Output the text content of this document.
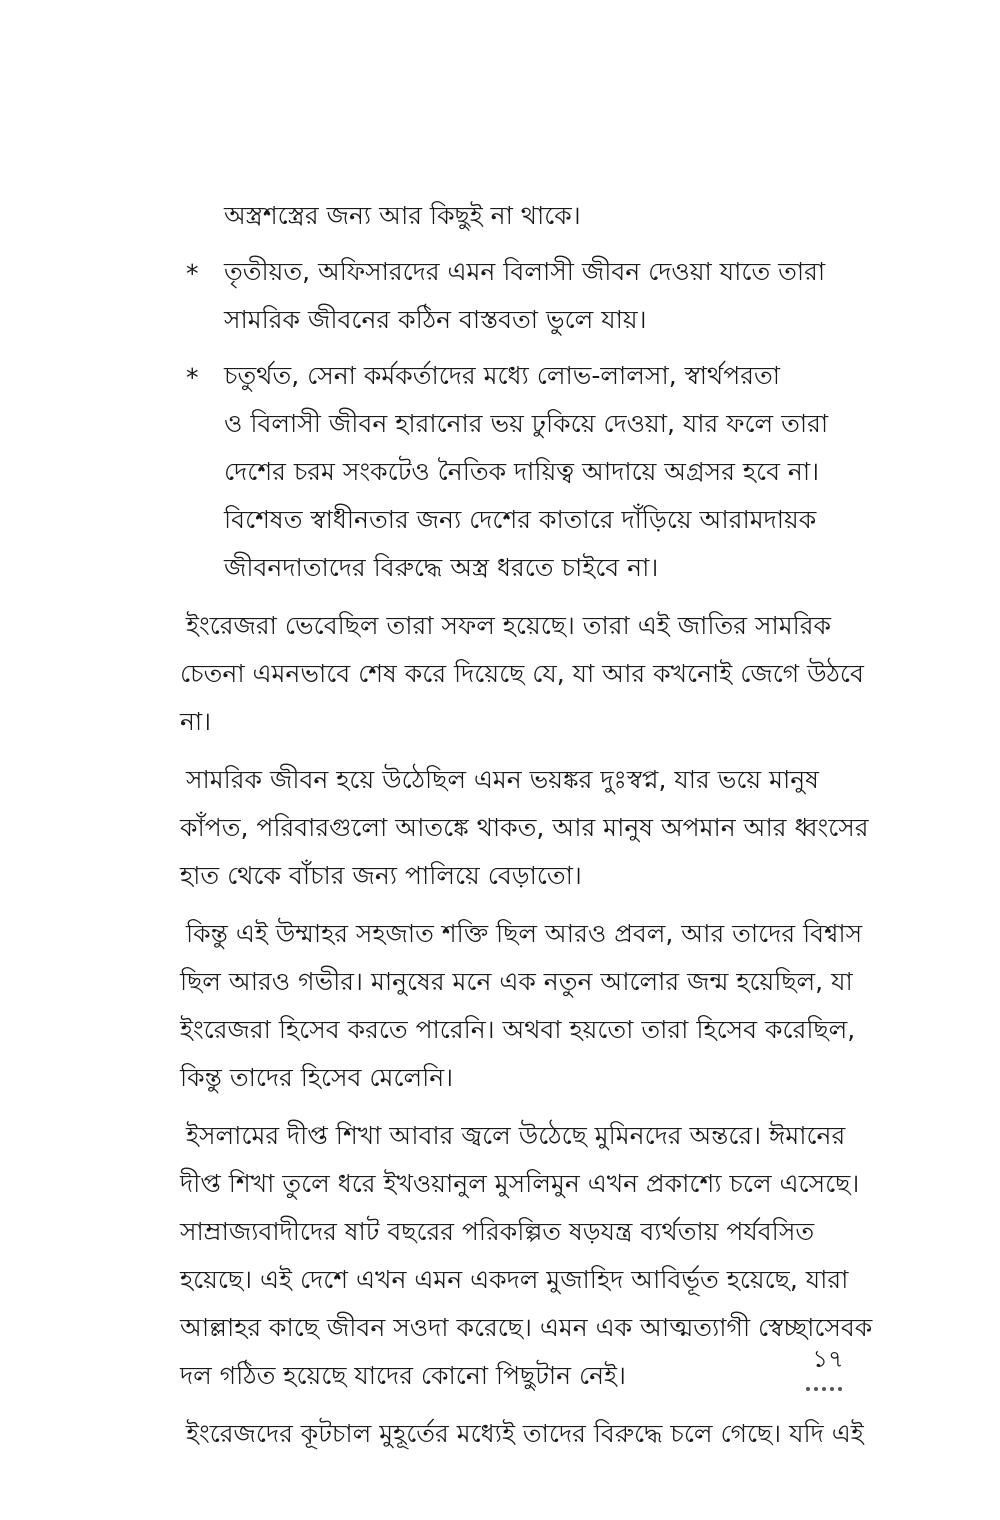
অস্ত্রশস্ত্রের জন্য আর কিছুই না থাকে।
* তৃতীয়ত, অফিসারদের এমন বিলাসী জীবন দেওয়া যাতে তারা
সামরিক জীবনের কঠিন বাস্তবতা ভুলে যায়।
* চতুর্থত, সেনা কর্মকর্তাদের মধ্যে লোভ-লালসা, স্বার্থপরতা
ও বিলাসী জীবন হারানোর ভয় ঢুকিয়ে দেওয়া, যার ফলে তারা
দেশের চরম সংকটেও নৈতিক দায়িত্ব আদায়ে অগ্রসর হবে না।
বিশেষত স্বাধীনতার জন্য দেশের কাতারে দাঁড়িয়ে আরামদায়ক
জীবনদাতাদের বিরুদ্ধে অস্ত্র ধরতে চাইবে না।
ইংরেজরা ভেবেছিল তারা সফল হয়েছে। তারা এই জাতির সামরিক
চেতনা এমনভাবে শেষ করে দিয়েছে যে, যা আর কখনোই জেগে উঠবে
না।
সামরিক জীবন হয়ে উঠেছিল এমন ভয়ঙ্কর দুঃস্বপ্ন, যার ভয়ে মানুষ
কাঁপত, পরিবারগুলো আতঙ্কে থাকত, আর মানুষ অপমান আর ধ্বংসের
হাত থেকে বাঁচার জন্য পালিয়ে বেড়াতো।
কিন্তু এই উম্মাহর সহজাত শক্তি ছিল আরও প্রবল, আর তাদের বিশ্বাস
ছিল আরও গভীর। মানুষের মনে এক নতুন আলোর জন্ম হয়েছিল, যা
ইংরেজরা হিসেব করতে পারেনি। অথবা হয়তো তারা হিসেব করেছিল,
কিন্তু তাদের হিসেব মেলেনি।
ইসলামের দীপ্ত শিখা আবার জ্বলে উঠেছে মুমিনদের অন্তরে। ঈমানের
দীপ্ত শিখা তুলে ধরে ইখওয়ানুল মুসলিমুন এখন প্রকাশ্যে চলে এসেছে।
সাম্রাজ্যবাদীদের ষাট বছরের পরিকল্পিত ষড়যন্ত্র ব্যর্থতায় পর্যবসিত
হয়েছে। এই দেশে এখন এমন একদল মুজাহিদ আবির্ভূত হয়েছে, যারা
আল্লাহর কাছে জীবন সওদা করেছে। এমন এক আত্মত্যাগী স্বেচ্ছাসেবক
দল গঠিত হয়েছে যাদের কোনো পিছুটান নেই।
ইংরেজদের কূটচাল মুহূর্তের মধ্যেই তাদের বিরুদ্ধে চলে গেছে। যদি এই
১৭
